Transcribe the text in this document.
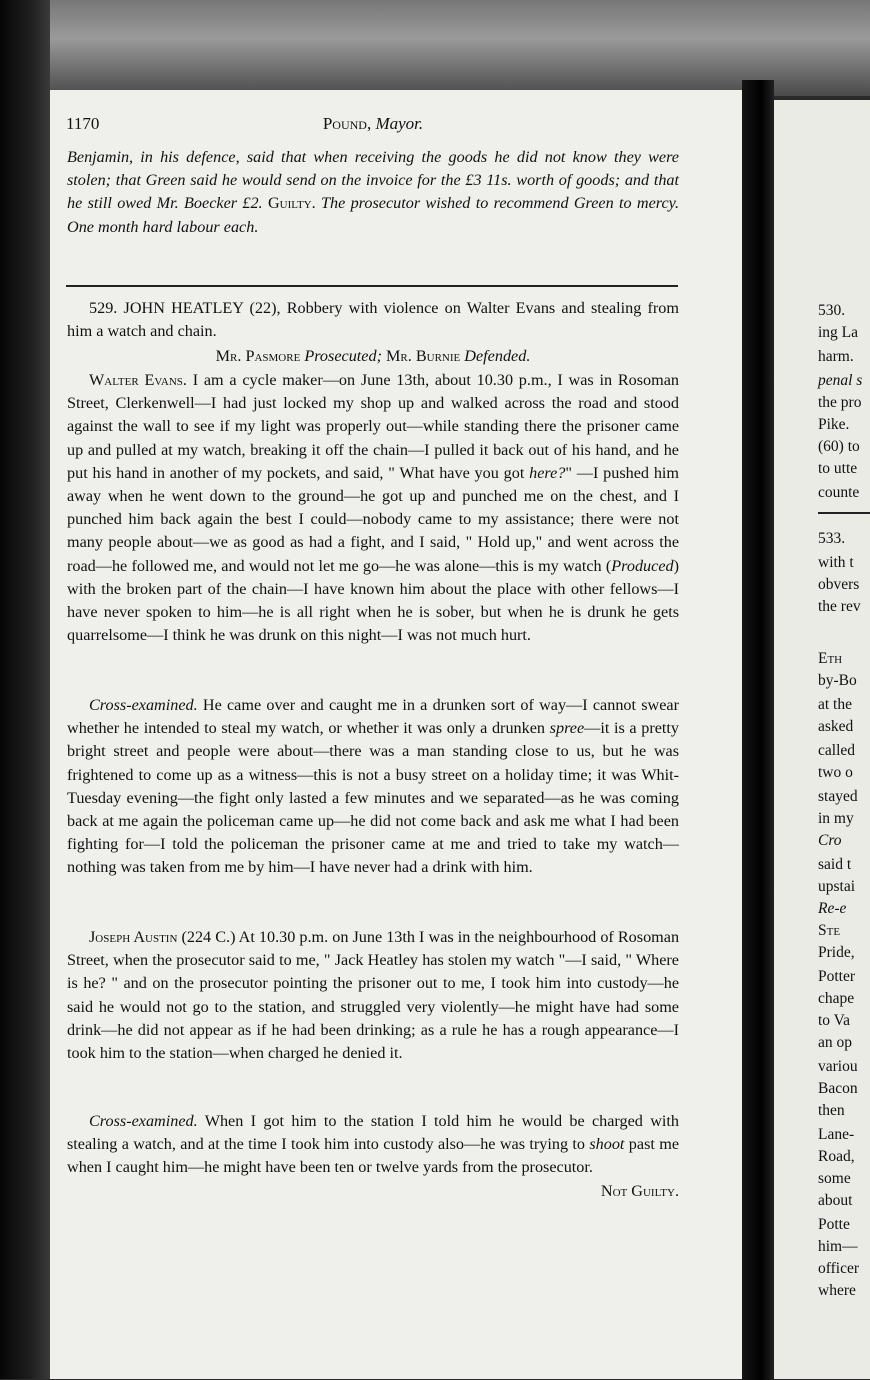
1170	Pound, Mayor.

Benjamin, in his defence, said that when receiving the goods he did not know they were stolen; that Green said he would send on the invoice for the £3 11s. worth of goods; and that he still owed Mr. Boecker £2. Guilty. The prosecutor wished to recommend Green to mercy. One month hard labour each.

529. JOHN HEATLEY (22), Robbery with violence on Walter Evans and stealing from him a watch and chain.

Mr. Pasmore Prosecuted; Mr. Burnie Defended.

Walter Evans. I am a cycle maker—on June 13th, about 10.30 p.m., I was in Rosoman Street, Clerkenwell—I had just locked my shop up and walked across the road and stood against the wall to see if my light was properly out—while standing there the prisoner came up and pulled at my watch, breaking it off the chain—I pulled it back out of his hand, and he put his hand in another of my pockets, and said, " What have you got here?" —I pushed him away when he went down to the ground—he got up and punched me on the chest, and I punched him back again the best I could—nobody came to my assistance; there were not many people about—we as good as had a fight, and I said, " Hold up," and went across the road—he followed me, and would not let me go—he was alone—this is my watch (Produced) with the broken part of the chain—I have known him about the place with other fellows—I have never spoken to him—he is all right when he is sober, but when he is drunk he gets quarrelsome—I think he was drunk on this night—I was not much hurt.

Cross-examined. He came over and caught me in a drunken sort of way—I cannot swear whether he intended to steal my watch, or whether it was only a drunken spree—it is a pretty bright street and people were about—there was a man standing close to us, but he was frightened to come up as a witness—this is not a busy street on a holiday time; it was Whit-Tuesday evening—the fight only lasted a few minutes and we separated—as he was coming back at me again the policeman came up—he did not come back and ask me what I had been fighting for—I told the policeman the prisoner came at me and tried to take my watch—nothing was taken from me by him—I have never had a drink with him.

Joseph Austin (224 C.) At 10.30 p.m. on June 13th I was in the neighbourhood of Rosoman Street, when the prosecutor said to me, " Jack Heatley has stolen my watch "—I said, " Where is he? " and on the prosecutor pointing the prisoner out to me, I took him into custody—he said he would not go to the station, and struggled very violently—he might have had some drink—he did not appear as if he had been drinking; as a rule he has a rough appearance—I took him to the station—when charged he denied it.

Cross-examined. When I got him to the station I told him he would be charged with stealing a watch, and at the time I took him into custody also—he was trying to shoot past me when I caught him—he might have been ten or twelve yards from the prosecutor.
Not Guilty.

530.
ing La
harm.
penal s
the pro
Pike.
(60) to
to utte
counte
533.
with t
obvers
the rev
Eth
by-Bo
at the
asked
called
two o
stayed
in my
Cro
said t
upstai
Re-e
Ste
Pride,
Potter
chape
to Va
an op
variou
Bacon
then
Lane-
Road,
some
about
Potte
him—
officer
where
